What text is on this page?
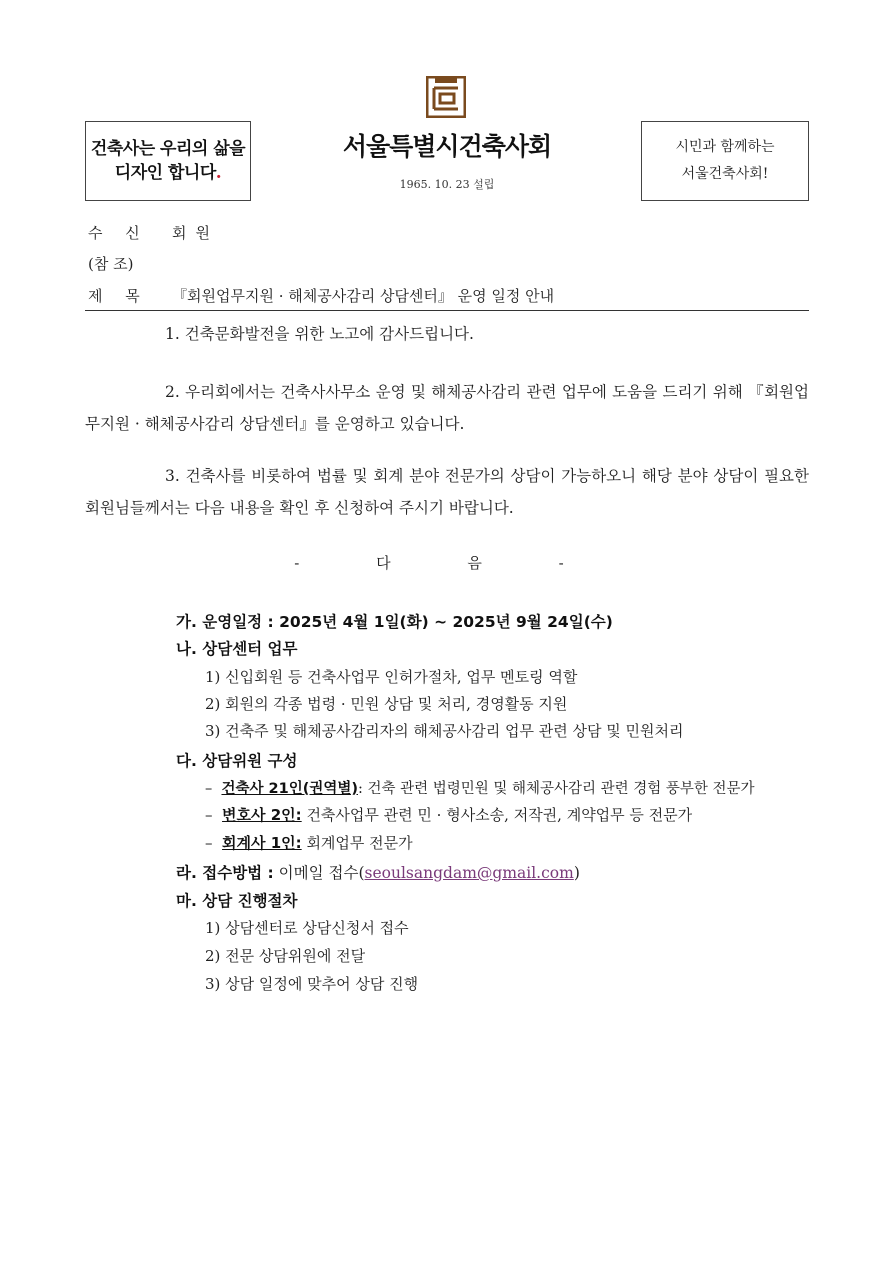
건축사는 우리의 삶을
디자인 합니다.
서울특별시건축사회
1965. 10. 23 설립
시민과 함께하는
서울건축사회!
수 신	회원
(참 조)
제 목	『회원업무지원 · 해체공사감리 상담센터』 운영 일정 안내
1. 건축문화발전을 위한 노고에 감사드립니다.
2. 우리회에서는 건축사사무소 운영 및 해체공사감리 관련 업무에 도움을 드리기 위해 『회원업무지원 · 해체공사감리 상담센터』를 운영하고 있습니다.
3. 건축사를 비롯하여 법률 및 회계 분야 전문가의 상담이 가능하오니 해당 분야 상담이 필요한 회원님들께서는 다음 내용을 확인 후 신청하여 주시기 바랍니다.
- 다 음 -
가. 운영일정 : 2025년 4월 1일(화) ~ 2025년 9월 24일(수)
나. 상담센터 업무
1) 신입회원 등 건축사업무 인허가절차, 업무 멘토링 역할
2) 회원의 각종 법령 · 민원 상담 및 처리, 경영활동 지원
3) 건축주 및 해체공사감리자의 해체공사감리 업무 관련 상담 및 민원처리
다. 상담위원 구성
– 건축사 21인(권역별): 건축 관련 법령민원 및 해체공사감리 관련 경험 풍부한 전문가
– 변호사 2인: 건축사업무 관련 민 · 형사소송, 저작권, 계약업무 등 전문가
– 회계사 1인: 회계업무 전문가
라. 접수방법 : 이메일 접수(seoulsangdam@gmail.com)
마. 상담 진행절차
1) 상담센터로 상담신청서 접수
2) 전문 상담위원에 전달
3) 상담 일정에 맞추어 상담 진행
